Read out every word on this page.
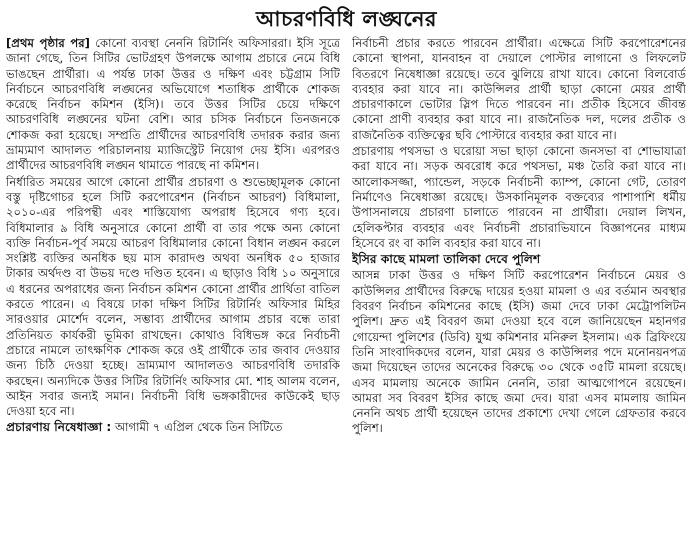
আচরণবিধি লঙ্ঘনের

[প্রথম পৃষ্ঠার পর] কোনো ব্যবস্থা নেননি রিটার্নিং অফিসাররা। ইসি সূত্রে জানা গেছে, তিন সিটির ভোটগ্রহণ উপলক্ষে আগাম প্রচারে নেমে বিধি ভাঙছেন প্রার্থীরা। এ পর্যন্ত ঢাকা উত্তর ও দক্ষিণ এবং চট্টগ্রাম সিটি নির্বাচনে আচরণবিধি লঙ্ঘনের অভিযোগে শতাধিক প্রার্থীকে শোকজ করেছে নির্বাচন কমিশন (ইসি)। তবে উত্তর সিটির চেয়ে দক্ষিণে আচরণবিধি লঙ্ঘনের ঘটনা বেশি। আর চসিক নির্বাচনে তিনজনকে শোকজ করা হয়েছে। সম্প্রতি প্রার্থীদের আচরণবিধি তদারক করার জন্য ভ্রাম্যমাণ আদালত পরিচালনায় ম্যাজিস্ট্রেট নিয়োগ দেয় ইসি। এরপরও প্রার্থীদের আচরণবিধি লঙ্ঘন থামাতে পারছে না কমিশন।

নির্ধারিত সময়ের আগে কোনো প্রার্থীর প্রচারণা ও শুভেচ্ছামূলক কোনো বস্তু দৃষ্টিগোচর হলে সিটি করপোরেশন (নির্বাচন আচরণ) বিধিমালা, ২০১০-এর পরিপন্থী এবং শাস্তিযোগ্য অপরাধ হিসেবে গণ্য হবে। বিধিমালার ৯ বিধি অনুসারে কোনো প্রার্থী বা তার পক্ষে অন্য কোনো ব্যক্তি নির্বাচন-পূর্ব সময়ে আচরণ বিধিমালার কোনো বিধান লঙ্ঘন করলে সংশ্লিষ্ট ব্যক্তির অনধিক ছয় মাস কারাদণ্ড অথবা অনধিক ৫০ হাজার টাকার অর্থদণ্ড বা উভয় দণ্ডে দণ্ডিত হবেন। এ ছাড়াও বিধি ১০ অনুসারে এ ধরনের অপরাধের জন্য নির্বাচন কমিশন কোনো প্রার্থীর প্রার্থিতা বাতিল করতে পারেন। এ বিষয়ে ঢাকা দক্ষিণ সিটির রিটার্নিং অফিসার মিহির সারওয়ার মোর্শেদ বলেন, সম্ভাব্য প্রার্থীদের আগাম প্রচার বন্ধে তারা প্রতিনিয়ত কার্যকরী ভূমিকা রাখছেন। কোথাও বিধিভঙ্গ করে নির্বাচনী প্রচারে নামলে তাৎক্ষণিক শোকজ করে ওই প্রার্থীকে তার জবাব দেওয়ার জন্য চিঠি দেওয়া হচ্ছে। ভ্রাম্যমাণ আদালতও আচরণবিধি তদারকি করছেন। অন্যদিকে উত্তর সিটির রিটার্নিং অফিসার মো. শাহ আলম বলেন, আইন সবার জন্যই সমান। নির্বাচনী বিধি ভঙ্গকারীদের কাউকেই ছাড় দেওয়া হবে না।

প্রচারণায় নিষেধাজ্ঞা : আগামী ৭ এপ্রিল থেকে তিন সিটিতে

নির্বাচনী প্রচার করতে পারবেন প্রার্থীরা। এক্ষেত্রে সিটি করপোরেশনের কোনো স্থাপনা, যানবাহন বা দেয়ালে পোস্টার লাগানো ও লিফলেট বিতরণে নিষেধাজ্ঞা রয়েছে। তবে ঝুলিয়ে রাখা যাবে। কোনো বিলবোর্ড ব্যবহার করা যাবে না। কাউন্সিলর প্রার্থী ছাড়া কোনো মেয়র প্রার্থী প্রচারণাকালে ভোটার স্লিপ দিতে পারবেন না। প্রতীক হিসেবে জীবন্ত কোনো প্রাণী ব্যবহার করা যাবে না। রাজনৈতিক দল, দলের প্রতীক ও রাজনৈতিক ব্যক্তিত্বের ছবি পোস্টারে ব্যবহার করা যাবে না।

প্রচারণায় পথসভা ও ঘরোয়া সভা ছাড়া কোনো জনসভা বা শোভাযাত্রা করা যাবে না। সড়ক অবরোধ করে পথসভা, মঞ্চ তৈরি করা যাবে না। আলোকসজ্জা, প্যান্ডেল, সড়কে নির্বাচনী ক্যাম্প, কোনো গেট, তোরণ নির্মাণেও নিষেধাজ্ঞা রয়েছে। উসকানিমূলক বক্তব্যের পাশাপাশি ধর্মীয় উপাসনালয়ে প্রচারণা চালাতে পারবেন না প্রার্থীরা। দেয়াল লিখন, হেলিকপ্টার ব্যবহার এবং নির্বাচনী প্রচারাভিযানে বিজ্ঞাপনের মাধ্যম হিসেবে রং বা কালি ব্যবহার করা যাবে না।

ইসির কাছে মামলা তালিকা দেবে পুলিশ

আসন্ন ঢাকা উত্তর ও দক্ষিণ সিটি করপোরেশন নির্বাচনে মেয়র ও কাউন্সিলর প্রার্থীদের বিরুদ্ধে দায়ের হওয়া মামলা ও এর বর্তমান অবস্থার বিবরণ নির্বাচন কমিশনের কাছে (ইসি) জমা দেবে ঢাকা মেট্রোপলিটন পুলিশ। দ্রুত এই বিবরণ জমা দেওয়া হবে বলে জানিয়েছেন মহানগর গোয়েন্দা পুলিশের (ডিবি) যুগ্ম কমিশনার মনিরুল ইসলাম। এক ব্রিফিংয়ে তিনি সাংবাদিকদের বলেন, যারা মেয়র ও কাউন্সিলর পদে মনোনয়নপত্র জমা দিয়েছেন তাদের অনেকের বিরুদ্ধে ৩০ থেকে ৩৫টি মামলা রয়েছে। এসব মামলায় অনেকে জামিন নেননি, তারা আত্মগোপনে রয়েছেন। আমরা সব বিবরণ ইসির কাছে জমা দেব। যারা এসব মামলায় জামিন নেননি অথচ প্রার্থী হয়েছেন তাদের প্রকাশ্যে দেখা গেলে গ্রেফতার করবে পুলিশ।
